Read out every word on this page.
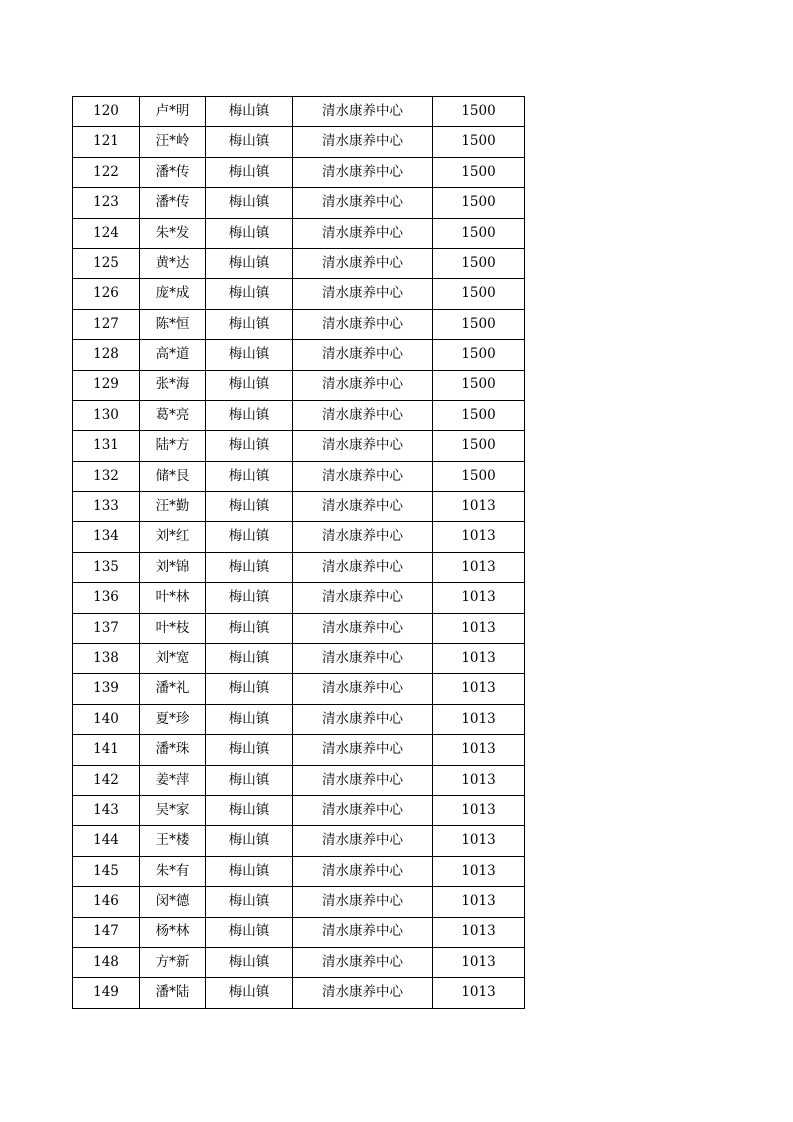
120	卢*明	梅山镇	清水康养中心	1500
121	汪*岭	梅山镇	清水康养中心	1500
122	潘*传	梅山镇	清水康养中心	1500
123	潘*传	梅山镇	清水康养中心	1500
124	朱*发	梅山镇	清水康养中心	1500
125	黄*达	梅山镇	清水康养中心	1500
126	庞*成	梅山镇	清水康养中心	1500
127	陈*恒	梅山镇	清水康养中心	1500
128	高*道	梅山镇	清水康养中心	1500
129	张*海	梅山镇	清水康养中心	1500
130	葛*亮	梅山镇	清水康养中心	1500
131	陆*方	梅山镇	清水康养中心	1500
132	储*艮	梅山镇	清水康养中心	1500
133	汪*勤	梅山镇	清水康养中心	1013
134	刘*红	梅山镇	清水康养中心	1013
135	刘*锦	梅山镇	清水康养中心	1013
136	叶*林	梅山镇	清水康养中心	1013
137	叶*枝	梅山镇	清水康养中心	1013
138	刘*宽	梅山镇	清水康养中心	1013
139	潘*礼	梅山镇	清水康养中心	1013
140	夏*珍	梅山镇	清水康养中心	1013
141	潘*珠	梅山镇	清水康养中心	1013
142	姜*萍	梅山镇	清水康养中心	1013
143	吴*家	梅山镇	清水康养中心	1013
144	王*楼	梅山镇	清水康养中心	1013
145	朱*有	梅山镇	清水康养中心	1013
146	闵*德	梅山镇	清水康养中心	1013
147	杨*林	梅山镇	清水康养中心	1013
148	方*新	梅山镇	清水康养中心	1013
149	潘*陆	梅山镇	清水康养中心	1013
